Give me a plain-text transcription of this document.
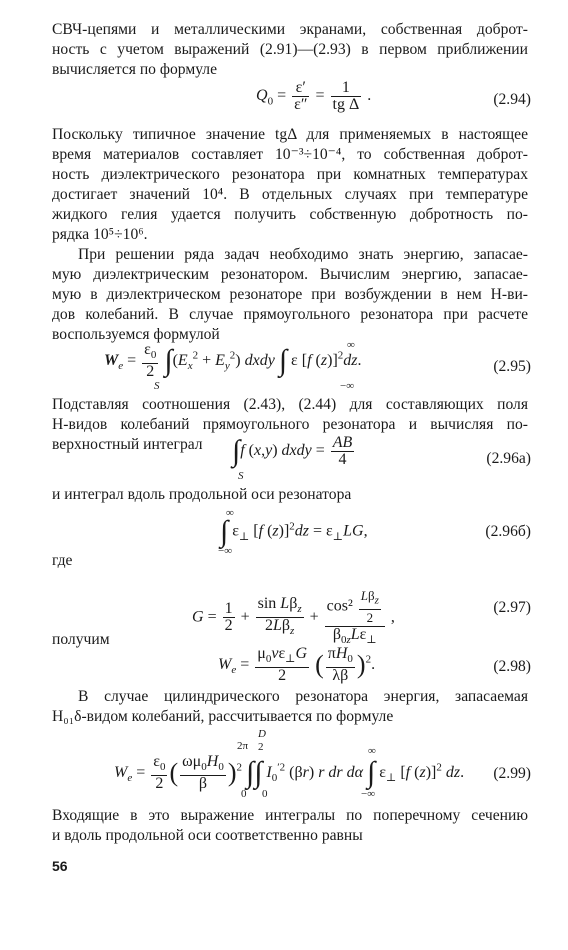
СВЧ-цепями и металлическими экранами, собственная доброт-
ность с учетом выражений (2.91)—(2.93) в первом приближении
вычисляется по формуле
$Q_0 = \frac{\varepsilon'}{\varepsilon''} = \frac{1}{\text{tg Δ}}$ .	(2.94)
Поскольку типичное значение tgΔ для применяемых в настоящее
время материалов составляет 10⁻³÷10⁻⁴, то собственная доброт-
ность диэлектрического резонатора при комнатных температурах
достигает значений 10⁴. В отдельных случаях при температуре
жидкого гелия удается получить собственную добротность по-
рядка 10⁵÷10⁶.
При решении ряда задач необходимо знать энергию, запасае-
мую диэлектрическим резонатором. Вычислим энергию, запасае-
мую в диэлектрическом резонаторе при возбуждении в нем H-ви-
дов колебаний. В случае прямоугольного резонатора при расчете
воспользуемся формулой
$W_e = \frac{\varepsilon_0}{2} \int(E_x^2 + E_y^2)$ dxdy ∫ ε [f (z)]$^2$dz.
S
∞
−∞
(2.95)
Подставляя соотношения (2.43), (2.44) для составляющих поля
H-видов колебаний прямоугольного резонатора и вычисляя по-
верхностный интеграл ∫f (x,y) dxdy = $\frac{AB}{4}$
S
(2.96а)
и интеграл вдоль продольной оси резонатора
∫ $\varepsilon_\perp$ [f $(z)]^2dz = \varepsilon_\perp LG$,
∞
−∞
(2.96б)
где
$G = \frac{1}{2} + \frac{\sin L\beta_z}{2L\beta_z} + \frac{\cos^2 \frac{L\beta_z}{2}}{\beta_{0z}L\varepsilon_\perp}$ ,
(2.97)
получим
$W_e = \frac{\mu_0v\varepsilon_\perp G}{2}$ ( $\frac{\pi H_0}{\lambda\beta} )^2$.	(2.98)
В случае цилиндрического резонатора энергия, запасаемая
H₀₁δ-видом колебаний, рассчитывается по формуле
$W_e = \frac{\varepsilon_0}{2}$ ( $\frac{\omega\mu_0H_0}{\beta} )^2$ ∫∫ $I_0^{'2}$ (βr) r dr dα ∫ $\varepsilon_\perp$ [f (z)]$^2$ dz.
2π
D
2
0 0
∞
−∞
(2.99)
Входящие в это выражение интегралы по поперечному сечению
и вдоль продольной оси соответственно равны
56
